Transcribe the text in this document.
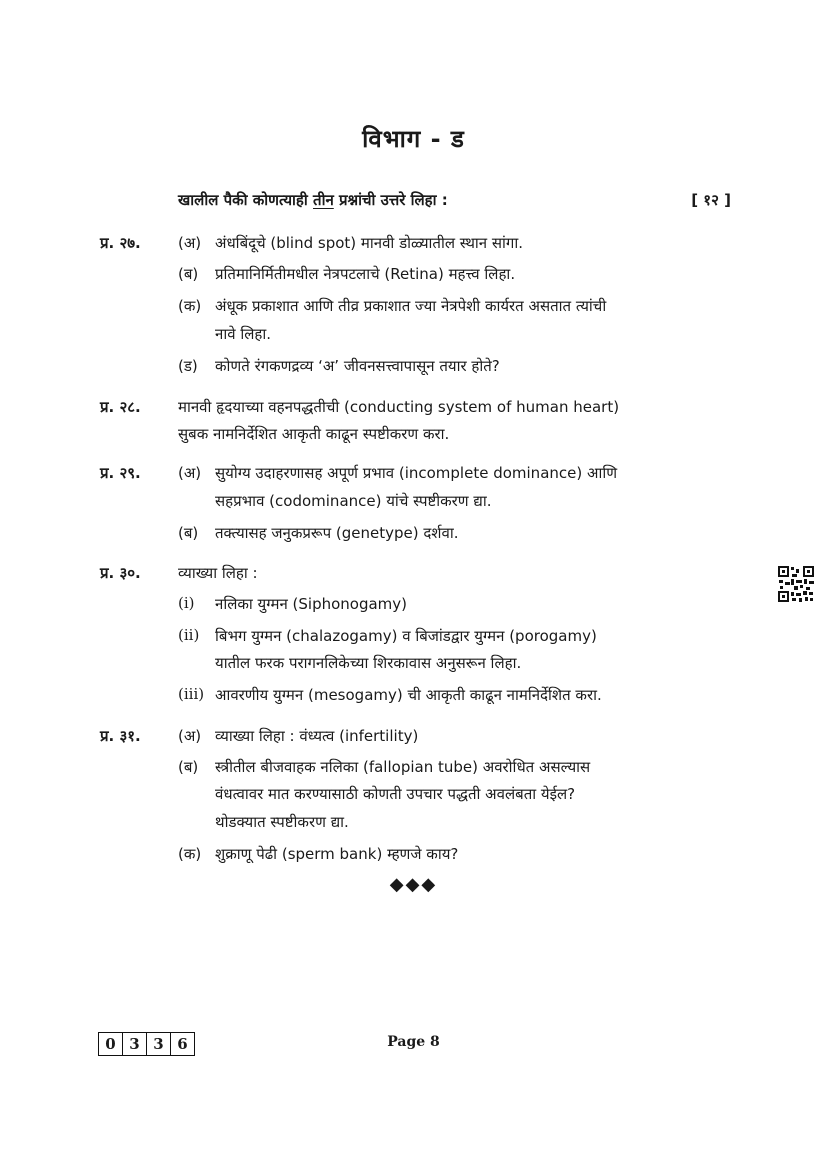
विभाग - ड
खालील पैकी कोणत्याही तीन प्रश्नांची उत्तरे लिहा :	[ १२ ]
प्र. २७. (अ) अंधबिंदूचे (blind spot) मानवी डोळ्यातील स्थान सांगा.
(ब) प्रतिमानिर्मितीमधील नेत्रपटलाचे (Retina) महत्त्व लिहा.
(क) अंधूक प्रकाशात आणि तीव्र प्रकाशात ज्या नेत्रपेशी कार्यरत असतात त्यांची
नावे लिहा.
(ड) कोणते रंगकणद्रव्य ‘अ’ जीवनसत्त्वापासून तयार होते?
प्र. २८. मानवी हृदयाच्या वहनपद्धतीची (conducting system of human heart)
सुबक नामनिर्देशित आकृती काढून स्पष्टीकरण करा.
प्र. २९. (अ) सुयोग्य उदाहरणासह अपूर्ण प्रभाव (incomplete dominance) आणि
सहप्रभाव (codominance) यांचे स्पष्टीकरण द्या.
(ब) तक्त्यासह जनुकप्ररूप (genetype) दर्शवा.
प्र. ३०. व्याख्या लिहा :
(i) नलिका युग्मन (Siphonogamy)
(ii) बिभग युग्मन (chalazogamy) व बिजांडद्वार युग्मन (porogamy)
यातील फरक परागनलिकेच्या शिरकावास अनुसरून लिहा.
(iii) आवरणीय युग्मन (mesogamy) ची आकृती काढून नामनिर्देशित करा.
प्र. ३१. (अ) व्याख्या लिहा : वंध्यत्व (infertility)
(ब) स्त्रीतील बीजवाहक नलिका (fallopian tube) अवरोधित असल्यास
वंधत्वावर मात करण्यासाठी कोणती उपचार पद्धती अवलंबता येईल?
थोडक्यात स्पष्टीकरण द्या.
(क) शुक्राणू पेढी (sperm bank) म्हणजे काय?
◆◆◆
0 3 3 6	Page 8
